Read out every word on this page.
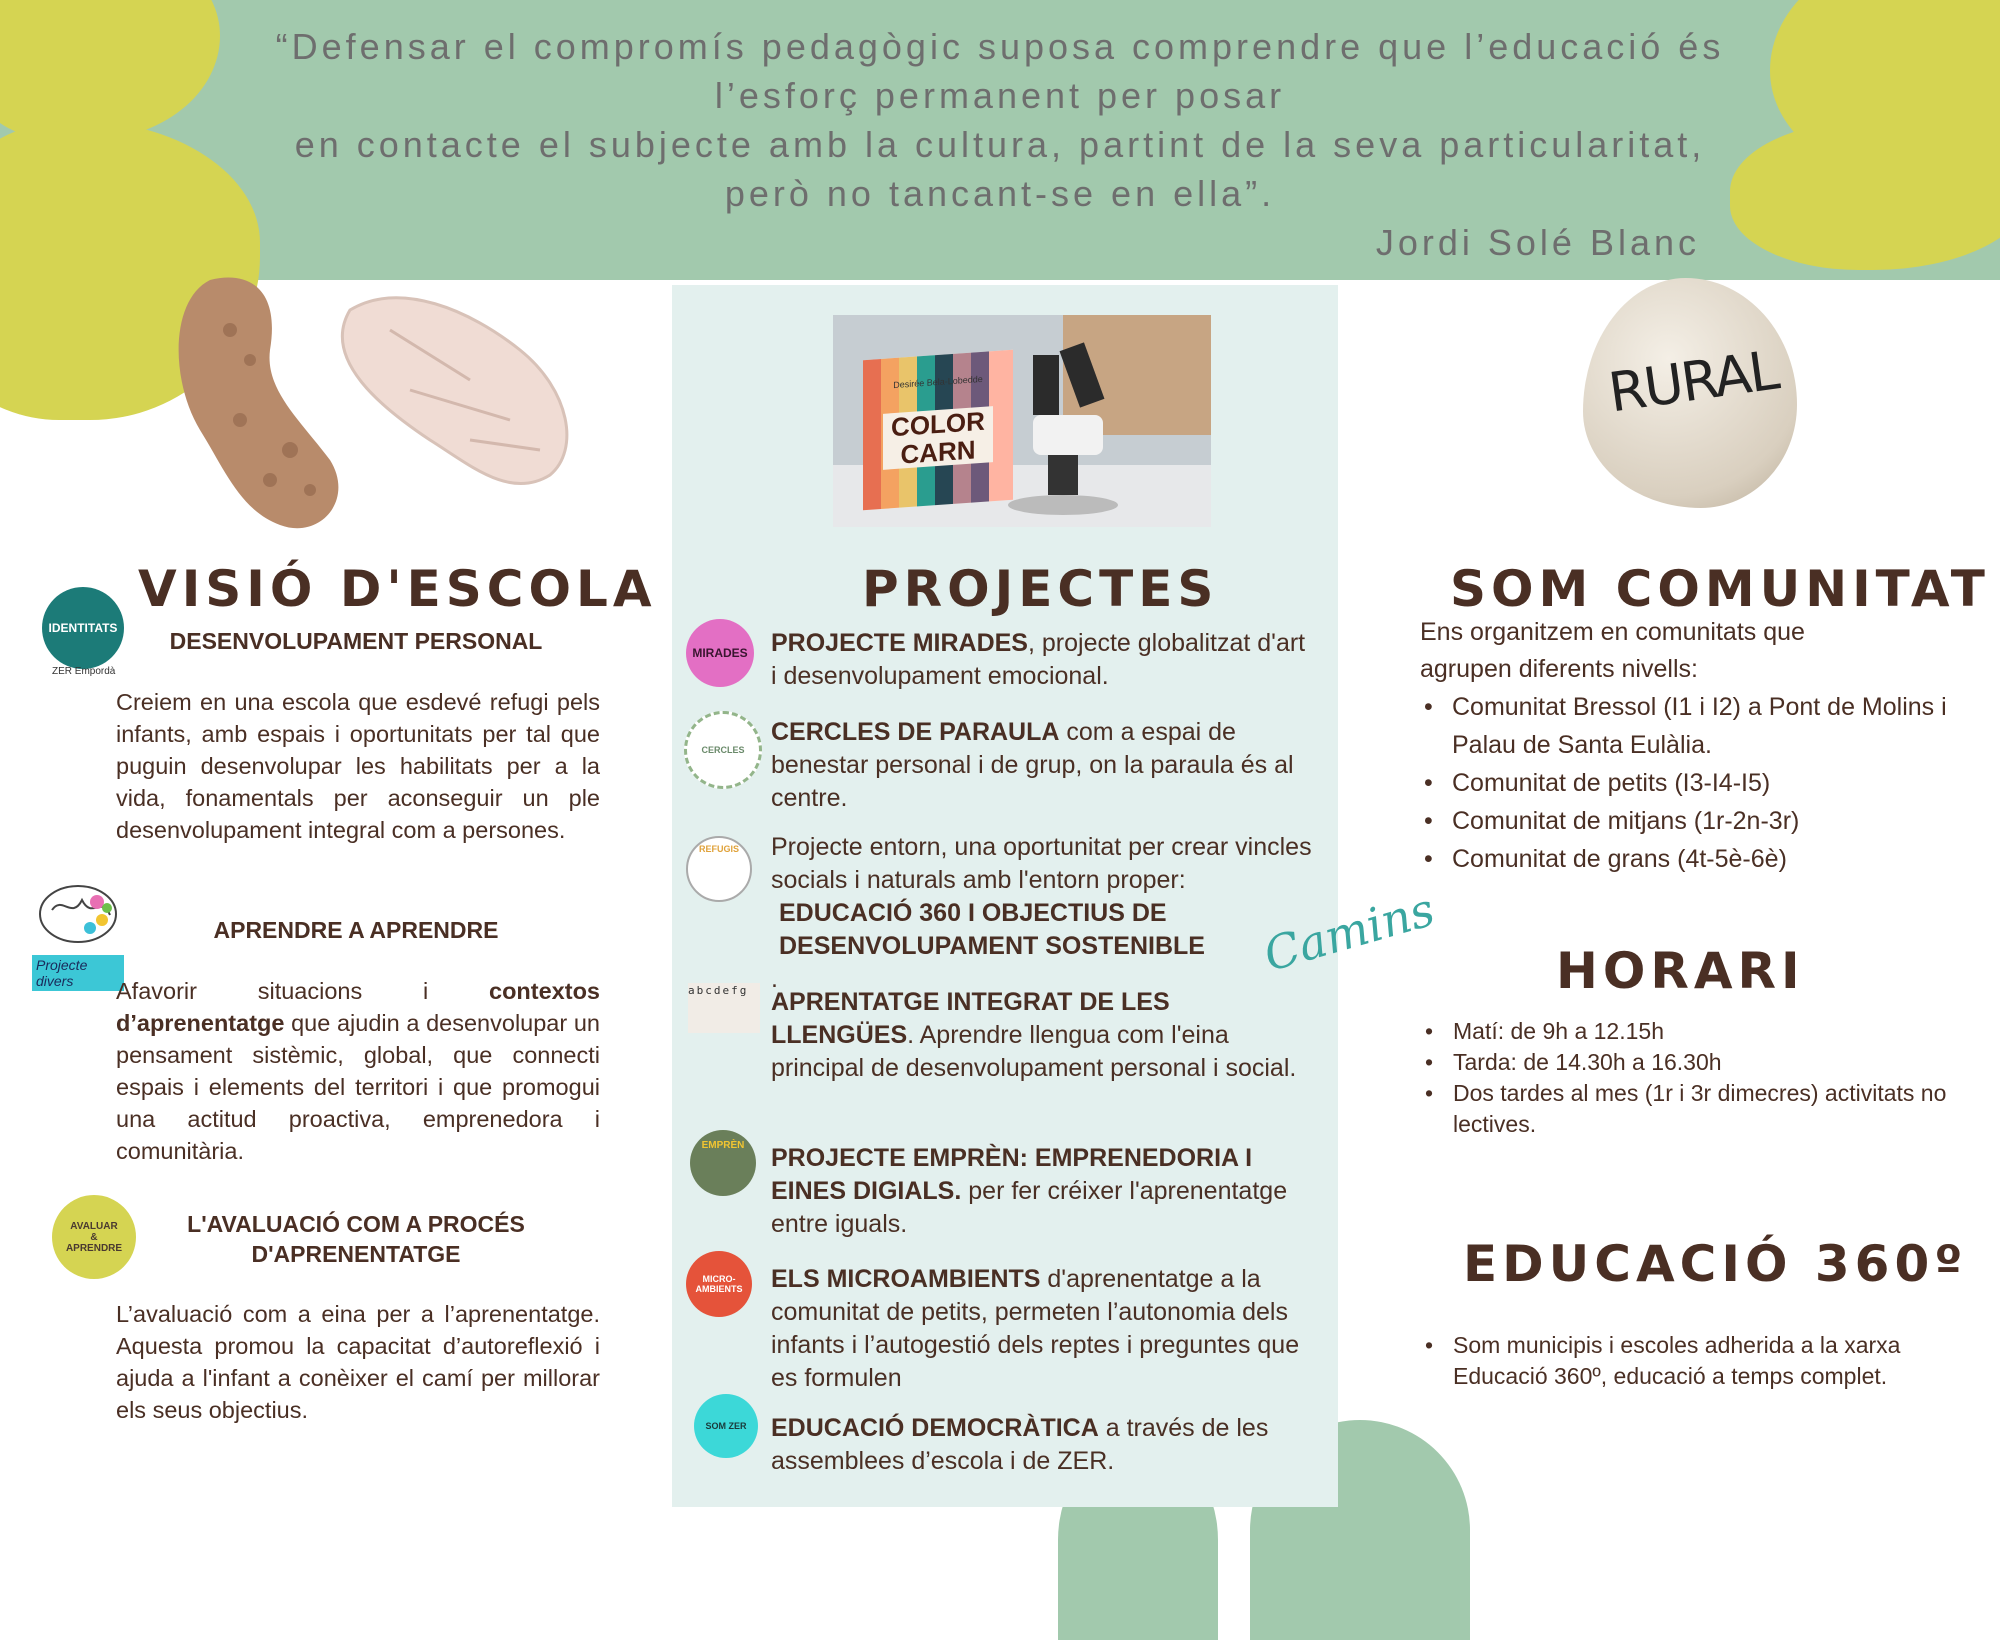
“Defensar el compromís pedagògic suposa comprendre que l’educació és
l’esforç permanent per posar
en contacte el subjecte amb la cultura, partint de la seva particularitat,
però no tancant-se en ella”.
Jordi Solé Blanc
IDENTITATS
ZER Empordà
VISIÓ D'ESCOLA
DESENVOLUPAMENT PERSONAL
Creiem en una escola que esdevé refugi pels infants, amb espais i oportunitats per tal que puguin desenvolupar les habilitats per a la vida, fonamentals per aconseguir un ple desenvolupament integral com a persones.
Projecte divers
APRENDRE A APRENDRE
Afavorir situacions i contextos d’aprenentatge que ajudin a desenvolupar un pensament sistèmic, global, que connecti espais i elements del territori i que promogui una actitud proactiva, emprenedora i comunitària.
AVALUAR
&
APRENDRE
L'AVALUACIÓ COM A PROCÉS
D'APRENENTATGE
L’avaluació com a eina per a l’aprenentatge. Aquesta promou la capacitat d’autoreflexió i ajuda a l'infant a conèixer el camí per millorar els seus objectius.
Desirée Bela-Lobedde
COLOR CARN
PROJECTES
MIRADES PROJECTE MIRADES, projecte globalitzat d'art i desenvolupament emocional.
CERCLES
CERCLES DE PARAULA com a espai de benestar personal i de grup, on la paraula és al centre.
REFUGIS Projecte entorn, una oportunitat per crear vincles socials i naturals amb l'entorn proper:
EDUCACIÓ 360 I OBJECTIUS DE DESENVOLUPAMENT SOSTENIBLE.	Camins
abcdefg APRENTATGE INTEGRAT DE LES LLENGÜES. Aprendre llengua com l'eina principal de desenvolupament personal i social.
EMPRÈN PROJECTE EMPRÈN: EMPRENEDORIA I EINES DIGIALS. per fer créixer l'aprenentatge entre iguals.
MICRO- AMBIENTS	ELS MICROAMBIENTS d'aprenentatge a la comunitat de petits, permeten l’autonomia dels infants i l’autogestió dels reptes i preguntes que es formulen
SOM ZER EDUCACIÓ DEMOCRÀTICA a través de les assemblees d’escola i de ZER.
RURAL
SOM COMUNITAT
Ens organitzem en comunitats que agrupen diferents nivells:
• Comunitat Bressol (I1 i I2) a Pont de Molins i Palau de Santa Eulàlia.
• Comunitat de petits (I3-I4-I5)
• Comunitat de mitjans (1r-2n-3r)
• Comunitat de grans (4t-5è-6è)
HORARI
• Matí: de 9h a 12.15h
• Tarda: de 14.30h a 16.30h
• Dos tardes al mes (1r i 3r dimecres) activitats no lectives.
EDUCACIÓ 360º
• Som municipis i escoles adherida a la xarxa Educació 360º, educació a temps complet.
